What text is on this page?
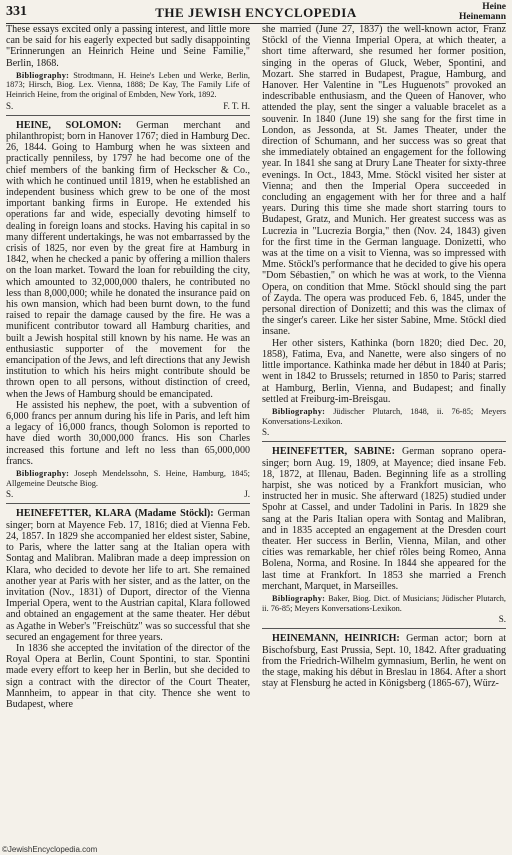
331	THE JEWISH ENCYCLOPEDIA	Heine
Heinemann

These essays excited only a passing interest, and little more can be said for his eagerly expected but sadly disappointing "Erinnerungen an Heinrich Heine und Seine Familie," Berlin, 1868.

Bibliography: Strodtmann, H. Heine's Leben und Werke, Berlin, 1873; Hirsch, Biog. Lex. Vienna, 1888; De Kay, The Family Life of Heinrich Heine, from the original of Embden, New York, 1892.

S.	F. T. H.

HEINE, SOLOMON: German merchant and philanthropist; born in Hanover 1767; died in Hamburg Dec. 26, 1844. Going to Hamburg when he was sixteen and practically penniless, by 1797 he had become one of the chief members of the banking firm of Heckscher & Co., with which he continued until 1819, when he established an independent business which grew to be one of the most important banking firms in Europe. He extended his operations far and wide, especially devoting himself to dealing in foreign loans and stocks. Having his capital in so many different undertakings, he was not embarrassed by the crisis of 1825, nor even by the great fire at Hamburg in 1842, when he checked a panic by offering a million thalers on the loan market. Toward the loan for rebuilding the city, which amounted to 32,000,000 thalers, he contributed no less than 8,000,000; while he donated the insurance paid on his own mansion, which had been burnt down, to the fund raised to repair the damage caused by the fire. He was a munificent contributor toward all Hamburg charities, and built a Jewish hospital still known by his name. He was an enthusiastic supporter of the movement for the emancipation of the Jews, and left directions that any Jewish institution to which his heirs might contribute should be thrown open to all persons, without distinction of creed, when the Jews of Hamburg should be emancipated.

He assisted his nephew, the poet, with a subvention of 6,000 francs per annum during his life in Paris, and left him a legacy of 16,000 francs, though Solomon is reported to have died worth 30,000,000 francs. His son Charles increased this fortune and left no less than 65,000,000 francs.

Bibliography: Joseph Mendelssohn, S. Heine, Hamburg, 1845; Allgemeine Deutsche Biog.

S.	J.

HEINEFETTER, KLARA (Madame Stöckl): German singer; born at Mayence Feb. 17, 1816; died at Vienna Feb. 24, 1857. In 1829 she accompanied her eldest sister, Sabine, to Paris, where the latter sang at the Italian opera with Sontag and Malibran. Malibran made a deep impression on Klara, who decided to devote her life to art. She remained another year at Paris with her sister, and as the latter, on the invitation (Nov., 1831) of Duport, director of the Vienna Imperial Opera, went to the Austrian capital, Klara followed and obtained an engagement at the same theater. Her début as Agathe in Weber's "Freischütz" was so successful that she secured an engagement for three years.

In 1836 she accepted the invitation of the director of the Royal Opera at Berlin, Count Spontini, to star. Spontini made every effort to keep her in Berlin, but she decided to sign a contract with the director of the Court Theater, Mannheim, to appear in that city. Thence she went to Budapest, where

she married (June 27, 1837) the well-known actor, Franz Stöckl of the Vienna Imperial Opera, at which theater, a short time afterward, she resumed her former position, singing in the operas of Gluck, Weber, Spontini, and Mozart. She starred in Budapest, Prague, Hamburg, and Hanover. Her Valentine in "Les Huguenots" provoked an indescribable enthusiasm, and the Queen of Hanover, who attended the play, sent the singer a valuable bracelet as a souvenir. In 1840 (June 19) she sang for the first time in London, as Jessonda, at St. James Theater, under the direction of Schumann, and her success was so great that she immediately obtained an engagement for the following year. In 1841 she sang at Drury Lane Theater for sixty-three evenings. In Oct., 1843, Mme. Stöckl visited her sister at Vienna; and then the Imperial Opera succeeded in concluding an engagement with her for three and a half years. During this time she made short starring tours to Budapest, Gratz, and Munich. Her greatest success was as Lucrezia in "Lucrezia Borgia," then (Nov. 24, 1843) given for the first time in the German language. Donizetti, who was at the time on a visit to Vienna, was so impressed with Mme. Stöckl's performance that he decided to give his opera "Dom Sébastien," on which he was at work, to the Vienna Opera, on condition that Mme. Stöckl should sing the part of Zayda. The opera was produced Feb. 6, 1845, under the personal direction of Donizetti; and this was the climax of the singer's career. Like her sister Sabine, Mme. Stöckl died insane.

Her other sisters, Kathinka (born 1820; died Dec. 20, 1858), Fatima, Eva, and Nanette, were also singers of no little importance. Kathinka made her début in 1840 at Paris; went in 1842 to Brussels; returned in 1850 to Paris; starred at Hamburg, Berlin, Vienna, and Budapest; and finally settled at Freiburg-im-Breisgau.

Bibliography: Jüdischer Plutarch, 1848, ii. 76-85; Meyers Konversations-Lexikon.

S.

HEINEFETTER, SABINE: German soprano opera-singer; born Aug. 19, 1809, at Mayence; died insane Feb. 18, 1872, at Illenau, Baden. Beginning life as a strolling harpist, she was noticed by a Frankfort musician, who instructed her in music. She afterward (1825) studied under Spohr at Cassel, and under Tadolini in Paris. In 1829 she sang at the Paris Italian opera with Sontag and Malibran, and in 1835 accepted an engagement at the Dresden court theater. Her success in Berlin, Vienna, Milan, and other cities was remarkable, her chief rôles being Romeo, Anna Bolena, Norma, and Rosine. In 1844 she appeared for the last time at Frankfort. In 1853 she married a French merchant, Marquet, in Marseilles.

Bibliography: Baker, Biog. Dict. of Musicians; Jüdischer Plutarch, ii. 76-85; Meyers Konversations-Lexikon.

S.

HEINEMANN, HEINRICH: German actor; born at Bischofsburg, East Prussia, Sept. 10, 1842. After graduating from the Friedrich-Wilhelm gymnasium, Berlin, he went on the stage, making his début in Breslau in 1864. After a short stay at Flensburg he acted in Königsberg (1865-67), Würz-

©JewishEncyclopedia.com
